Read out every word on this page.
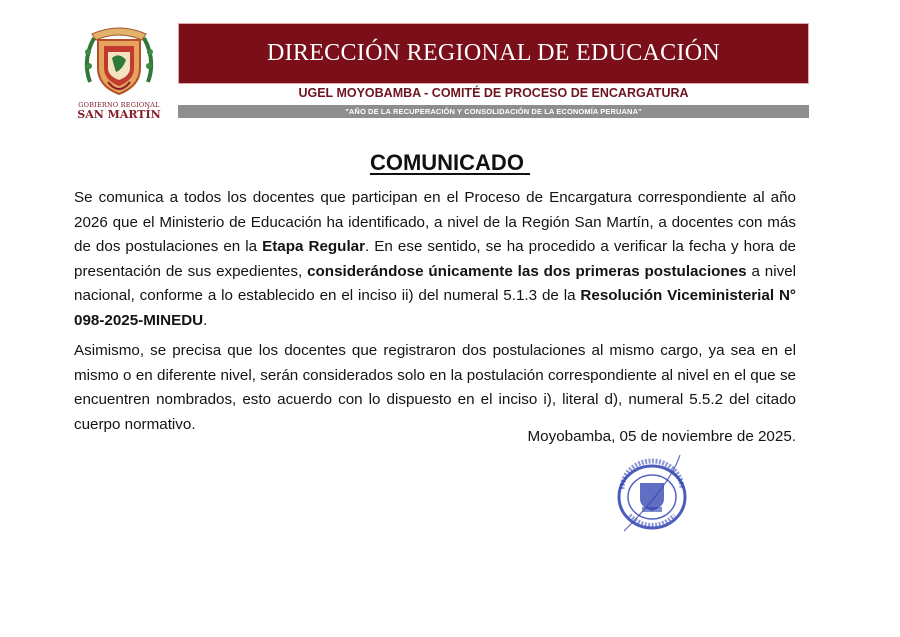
GOBIERNO REGIONAL
SAN MARTÍN
DIRECCIÓN REGIONAL DE EDUCACIÓN
UGEL MOYOBAMBA - COMITÉ DE PROCESO DE ENCARGATURA
"AÑO DE LA RECUPERACIÓN Y CONSOLIDACIÓN DE LA ECONOMÍA PERUANA"
COMUNICADO
Se comunica a todos los docentes que participan en el Proceso de Encargatura correspondiente al año 2026 que el Ministerio de Educación ha identificado, a nivel de la Región San Martín, a docentes con más de dos postulaciones en la Etapa Regular. En ese sentido, se ha procedido a verificar la fecha y hora de presentación de sus expedientes, considerándose únicamente las dos primeras postulaciones a nivel nacional, conforme a lo establecido en el inciso ii) del numeral 5.1.3 de la Resolución Viceministerial N° 098-2025-MINEDU.
Asimismo, se precisa que los docentes que registraron dos postulaciones al mismo cargo, ya sea en el mismo o en diferente nivel, serán considerados solo en la postulación correspondiente al nivel en el que se encuentren nombrados, esto acuerdo con lo dispuesto en el inciso i), literal d), numeral 5.5.2 del citado cuerpo normativo.
Moyobamba, 05 de noviembre de 2025.
